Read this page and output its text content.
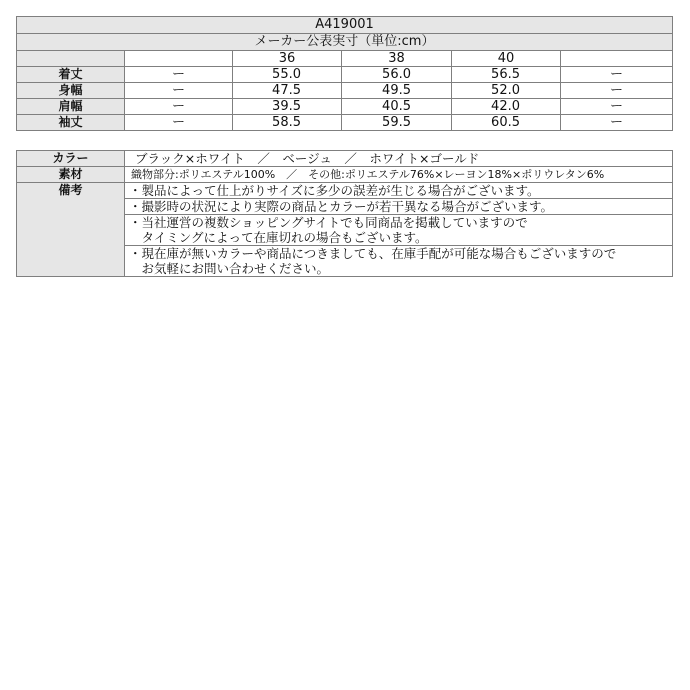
A419001					
メーカー公表実寸（単位:cm）					
		36	38	40	
着丈	ー	55.0	56.0	56.5	ー
身幅	ー	47.5	49.5	52.0	ー
肩幅	ー	39.5	40.5	42.0	ー
袖丈	ー	58.5	59.5	60.5	ー
カラー	ブラック×ホワイト　／　ベージュ　／　ホワイト×ゴールド
素材	織物部分:ポリエステル100%　／　その他:ポリエステル76%×レーヨン18%×ポリウレタン6%
備考	・製品によって仕上がりサイズに多少の誤差が生じる場合がございます。

	・撮影時の状況により実際の商品とカラーが若干異なる場合がございます。

	・当社運営の複数ショッピングサイトでも同商品を掲載していますので
　タイミングによって在庫切れの場合もございます。

	・現在庫が無いカラーや商品につきましても、在庫手配が可能な場合もございますので
　お気軽にお問い合わせください。
